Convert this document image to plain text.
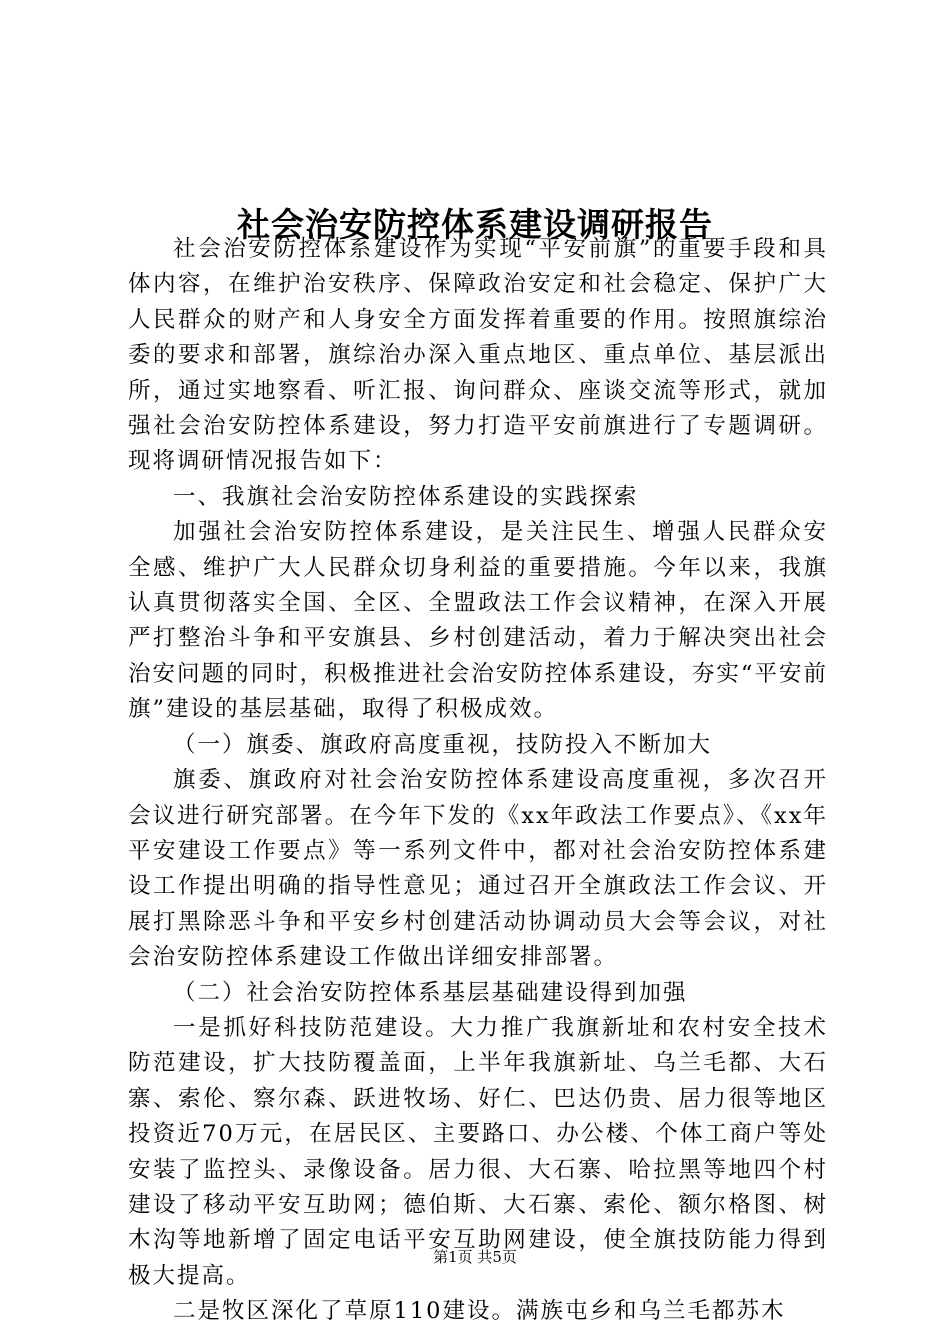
社会治安防控体系建设调研报告

社会治安防控体系建设作为实现“平安前旗”的重要手段和具体内容，在维护治安秩序、保障政治安定和社会稳定、保护广大人民群众的财产和人身安全方面发挥着重要的作用。按照旗综治委的要求和部署，旗综治办深入重点地区、重点单位、基层派出所，通过实地察看、听汇报、询问群众、座谈交流等形式，就加强社会治安防控体系建设，努力打造平安前旗进行了专题调研。现将调研情况报告如下：

一、我旗社会治安防控体系建设的实践探索

加强社会治安防控体系建设，是关注民生、增强人民群众安全感、维护广大人民群众切身利益的重要措施。今年以来，我旗认真贯彻落实全国、全区、全盟政法工作会议精神，在深入开展严打整治斗争和平安旗县、乡村创建活动，着力于解决突出社会治安问题的同时，积极推进社会治安防控体系建设，夯实“平安前旗”建设的基层基础，取得了积极成效。

（一）旗委、旗政府高度重视，技防投入不断加大

旗委、旗政府对社会治安防控体系建设高度重视，多次召开会议进行研究部署。在今年下发的《xx年政法工作要点》、《xx年平安建设工作要点》等一系列文件中，都对社会治安防控体系建设工作提出明确的指导性意见；通过召开全旗政法工作会议、开展打黑除恶斗争和平安乡村创建活动协调动员大会等会议，对社会治安防控体系建设工作做出详细安排部署。

（二）社会治安防控体系基层基础建设得到加强

一是抓好科技防范建设。大力推广我旗新址和农村安全技术防范建设，扩大技防覆盖面，上半年我旗新址、乌兰毛都、大石寨、索伦、察尔森、跃进牧场、好仁、巴达仍贵、居力很等地区投资近70万元，在居民区、主要路口、办公楼、个体工商户等处安装了监控头、录像设备。居力很、大石寨、哈拉黑等地四个村建设了移动平安互助网；德伯斯、大石寨、索伦、额尔格图、树木沟等地新增了固定电话平安互助网建设，使全旗技防能力得到极大提高。

二是牧区深化了草原110建设。满族屯乡和乌兰毛都苏木

第1页 共5页
